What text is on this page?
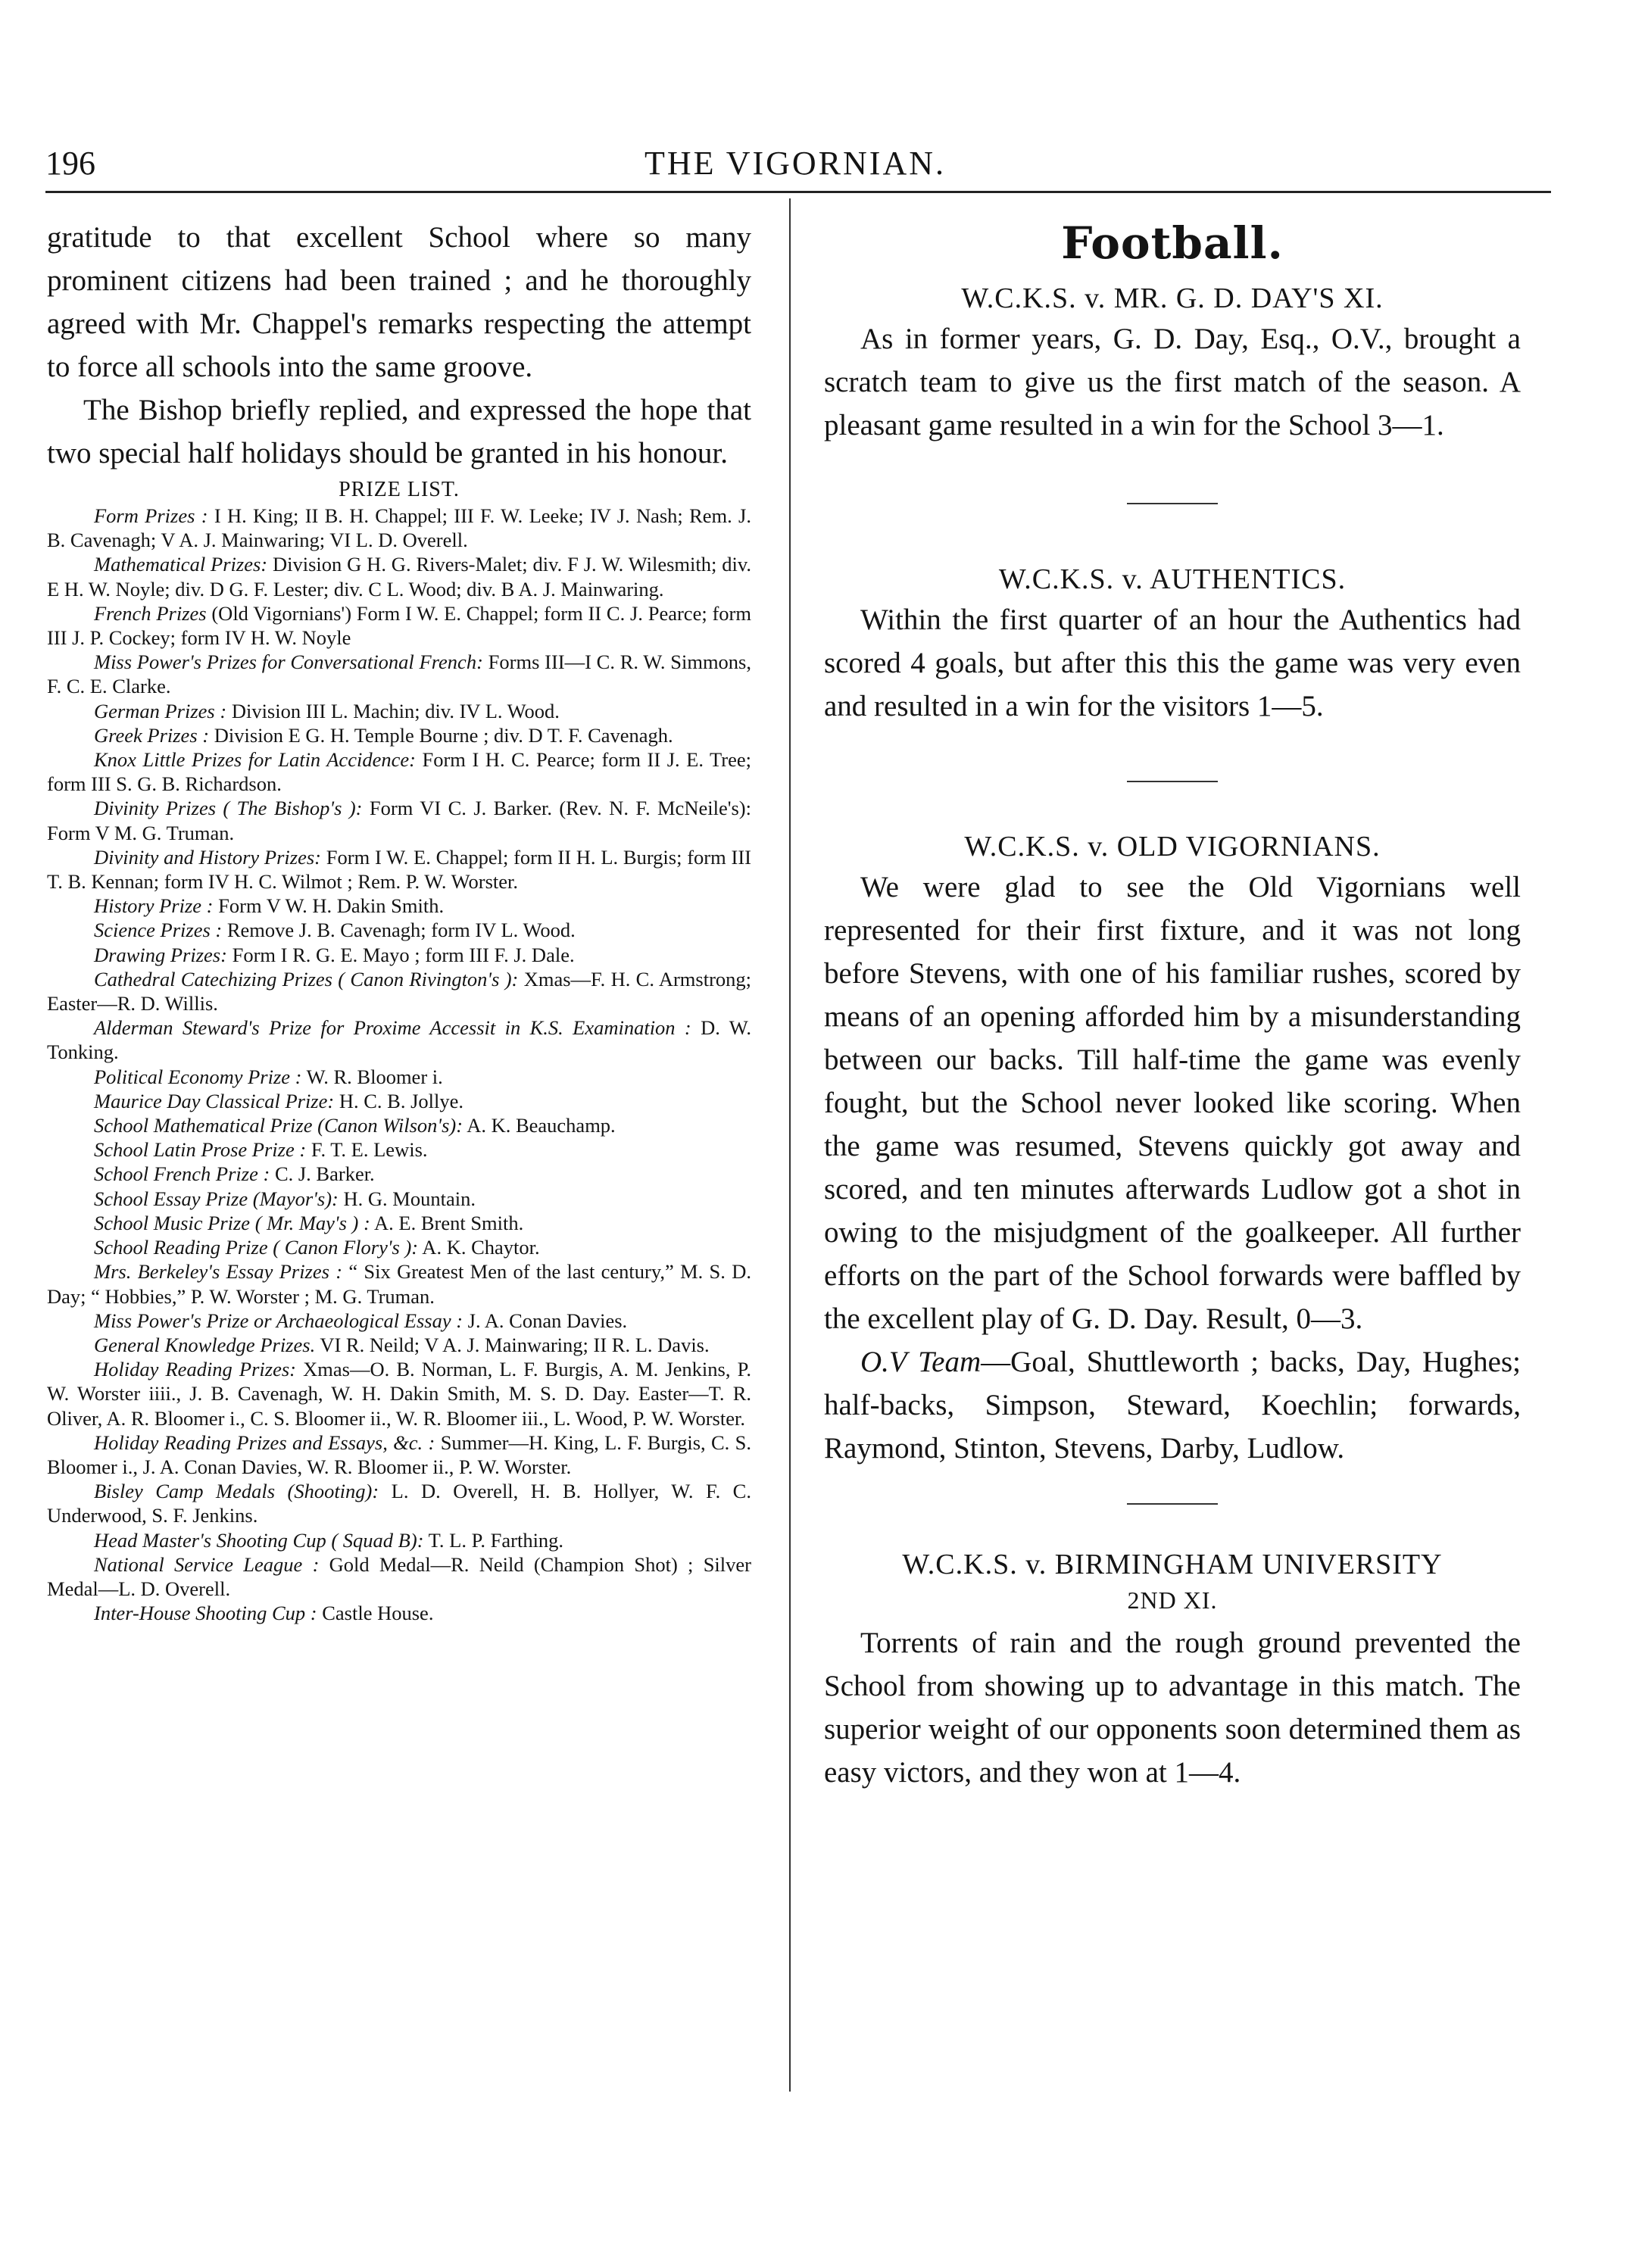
196	THE VIGORNIAN.

gratitude to that excellent School where so many prominent citizens had been trained ; and he thoroughly agreed with Mr. Chappel's remarks respecting the attempt to force all schools into the same groove.

The Bishop briefly replied, and expressed the hope that two special half holidays should be granted in his honour.

PRIZE LIST.

Form Prizes : I H. King; II B. H. Chappel; III F. W. Leeke; IV J. Nash; Rem. J. B. Cavenagh; V A. J. Mainwaring; VI L. D. Overell.

Mathematical Prizes: Division G H. G. Rivers-Malet; div. F J. W. Wilesmith; div. E H. W. Noyle; div. D G. F. Lester; div. C L. Wood; div. B A. J. Mainwaring.

French Prizes (Old Vigornians') Form I W. E. Chappel; form II C. J. Pearce; form III J. P. Cockey; form IV H. W. Noyle

Miss Power's Prizes for Conversational French: Forms III—I C. R. W. Simmons, F. C. E. Clarke.

German Prizes : Division III L. Machin; div. IV L. Wood.

Greek Prizes : Division E G. H. Temple Bourne ; div. D T. F. Cavenagh.

Knox Little Prizes for Latin Accidence: Form I H. C. Pearce; form II J. E. Tree; form III S. G. B. Richardson.

Divinity Prizes ( The Bishop's ): Form VI C. J. Barker. (Rev. N. F. McNeile's): Form V M. G. Truman.

Divinity and History Prizes: Form I W. E. Chappel; form II H. L. Burgis; form III T. B. Kennan; form IV H. C. Wilmot ; Rem. P. W. Worster.

History Prize : Form V W. H. Dakin Smith.

Science Prizes : Remove J. B. Cavenagh; form IV L. Wood.

Drawing Prizes: Form I R. G. E. Mayo ; form III F. J. Dale.

Cathedral Catechizing Prizes ( Canon Rivington's ): Xmas—F. H. C. Armstrong; Easter—R. D. Willis.

Alderman Steward's Prize for Proxime Accessit in K.S. Examination : D. W. Tonking.

Political Economy Prize : W. R. Bloomer i.

Maurice Day Classical Prize: H. C. B. Jollye.

School Mathematical Prize (Canon Wilson's): A. K. Beauchamp.

School Latin Prose Prize : F. T. E. Lewis.

School French Prize : C. J. Barker.

School Essay Prize (Mayor's): H. G. Mountain.

School Music Prize ( Mr. May's ) : A. E. Brent Smith.

School Reading Prize ( Canon Flory's ): A. K. Chaytor.

Mrs. Berkeley's Essay Prizes : “ Six Greatest Men of the last century,” M. S. D. Day; “ Hobbies,” P. W. Worster ; M. G. Truman.

Miss Power's Prize or Archaeological Essay : J. A. Conan Davies.

General Knowledge Prizes. VI R. Neild; V A. J. Mainwaring; II R. L. Davis.

Holiday Reading Prizes: Xmas—O. B. Norman, L. F. Burgis, A. M. Jenkins, P. W. Worster iiii., J. B. Cavenagh, W. H. Dakin Smith, M. S. D. Day. Easter—T. R. Oliver, A. R. Bloomer i., C. S. Bloomer ii., W. R. Bloomer iii., L. Wood, P. W. Worster.

Holiday Reading Prizes and Essays, &c. : Summer—H. King, L. F. Burgis, C. S. Bloomer i., J. A. Conan Davies, W. R. Bloomer ii., P. W. Worster.

Bisley Camp Medals (Shooting): L. D. Overell, H. B. Hollyer, W. F. C. Underwood, S. F. Jenkins.

Head Master's Shooting Cup ( Squad B): T. L. P. Farthing.

National Service League : Gold Medal—R. Neild (Champion Shot) ; Silver Medal—L. D. Overell.

Inter-House Shooting Cup : Castle House.

Football.

W.C.K.S. v. MR. G. D. DAY'S XI.

As in former years, G. D. Day, Esq., O.V., brought a scratch team to give us the first match of the season. A pleasant game resulted in a win for the School 3—1.

W.C.K.S. v. AUTHENTICS.

Within the first quarter of an hour the Authentics had scored 4 goals, but after this this the game was very even and resulted in a win for the visitors 1—5.

W.C.K.S. v. OLD VIGORNIANS.

We were glad to see the Old Vigornians well represented for their first fixture, and it was not long before Stevens, with one of his familiar rushes, scored by means of an opening afforded him by a misunderstanding between our backs. Till half-time the game was evenly fought, but the School never looked like scoring. When the game was resumed, Stevens quickly got away and scored, and ten minutes afterwards Ludlow got a shot in owing to the misjudgment of the goalkeeper. All further efforts on the part of the School forwards were baffled by the excellent play of G. D. Day. Result, 0—3.

O.V Team—Goal, Shuttleworth ; backs, Day, Hughes; half-backs, Simpson, Steward, Koechlin; forwards, Raymond, Stinton, Stevens, Darby, Ludlow.

W.C.K.S. v. BIRMINGHAM UNIVERSITY

2ND XI.

Torrents of rain and the rough ground prevented the School from showing up to advantage in this match. The superior weight of our opponents soon determined them as easy victors, and they won at 1—4.
